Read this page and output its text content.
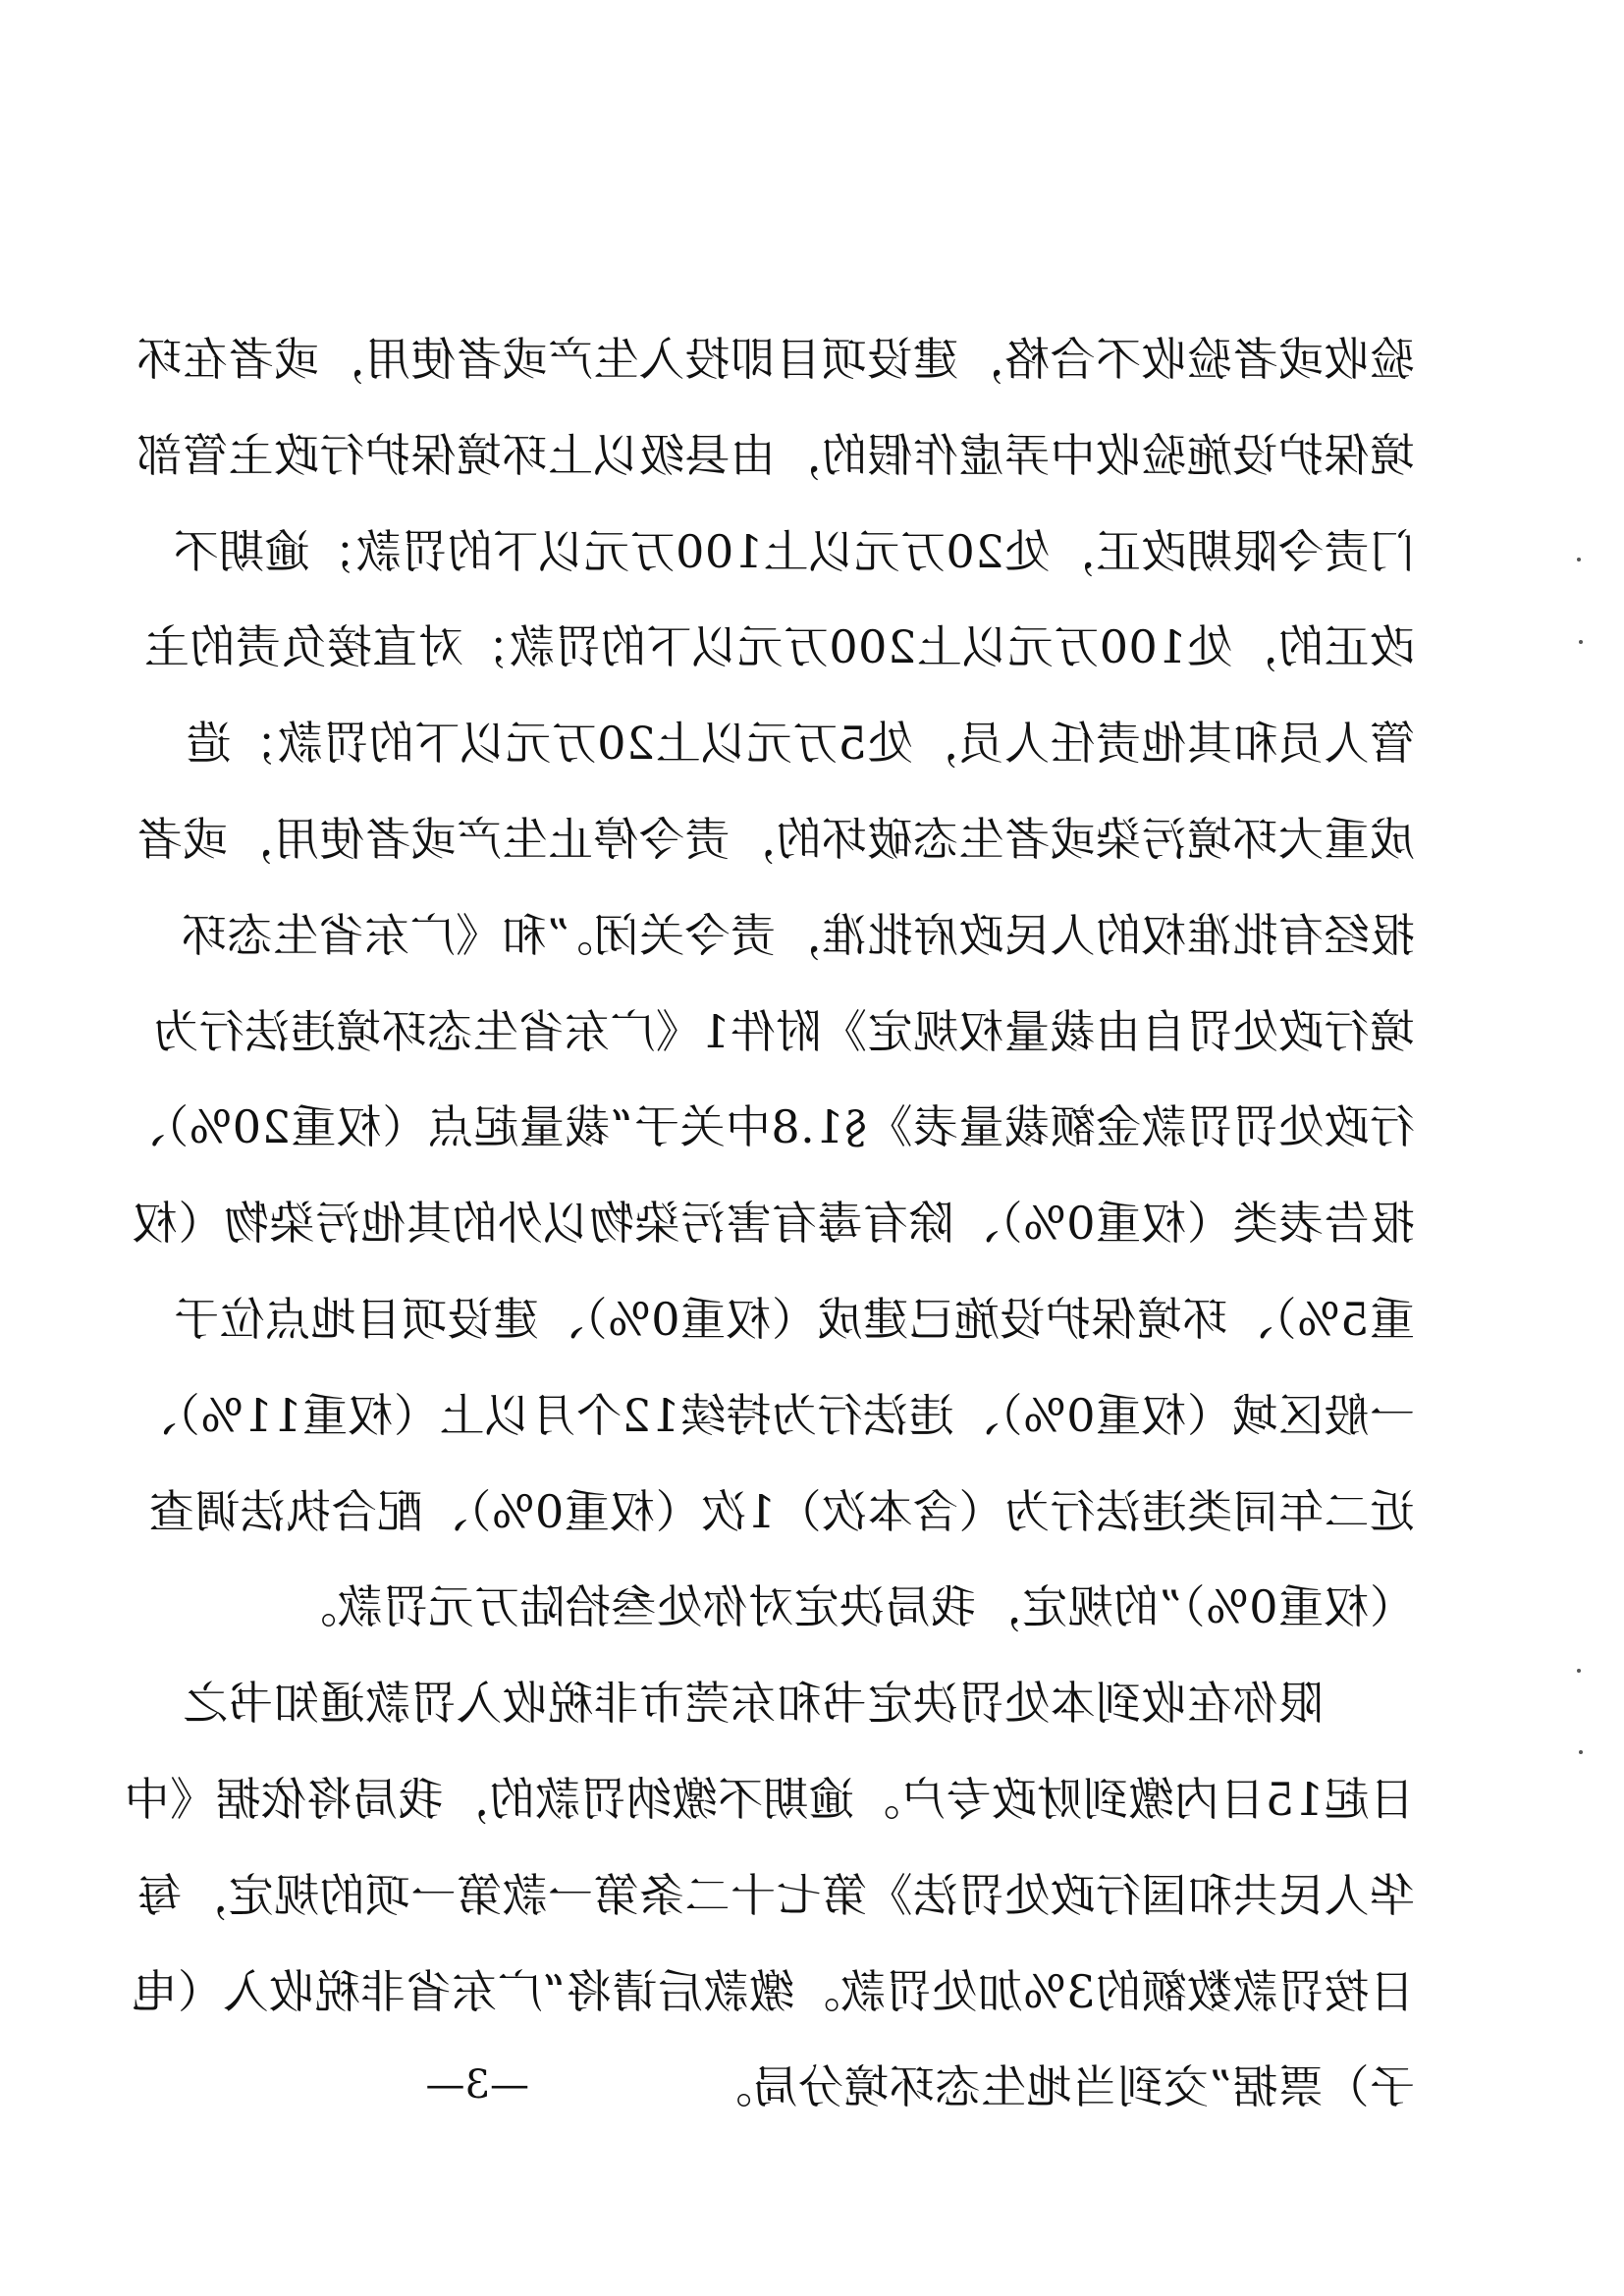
验收或者验收不合格，建设项目即投入生产或者使用，或者在环
境保护设施验收中弄虚作假的，由县级以上环境保护行政主管部
门责令限期改正，处20万元以上100万元以下的罚款；逾期不
改正的，处100万元以上200万元以下的罚款；对直接负责的主
管人员和其他责任人员，处5万元以上20万元以下的罚款；造
成重大环境污染或者生态破坏的，责令停止生产或者使用，或者
报经有批准权的人民政府批准，责令关闭。”和《广东省生态环
境行政处罚自由裁量权规定》附件1《广东省生态环境违法行为
行政处罚罚款金额裁量表》§1.8中关于“裁量起点（权重20%）、
报告表类（权重0%）、除有毒有害污染物以外的其他污染物（权
重5%）、环境保护设施已建成（权重0%）、建设项目地点位于
一般区域（权重0%）、违法行为持续12个月以上（权重11%）、
近二年同类违法行为（含本次）1次（权重0%）、配合执法调查
（权重0%）”的规定，我局决定对你处叁拾陆万元罚款。
　　限你在收到本处罚决定书和东莞市非税收入罚款通知书之
日起15日内缴到财政专户。逾期不缴纳罚款的，我局将依据《中
华人民共和国行政处罚法》第七十二条第一款第一项的规定，每
日按罚款数额的3%加处罚款。缴款后请将“广东省非税收入（电
子）票据”交到当地生态环境分局。
—3—
